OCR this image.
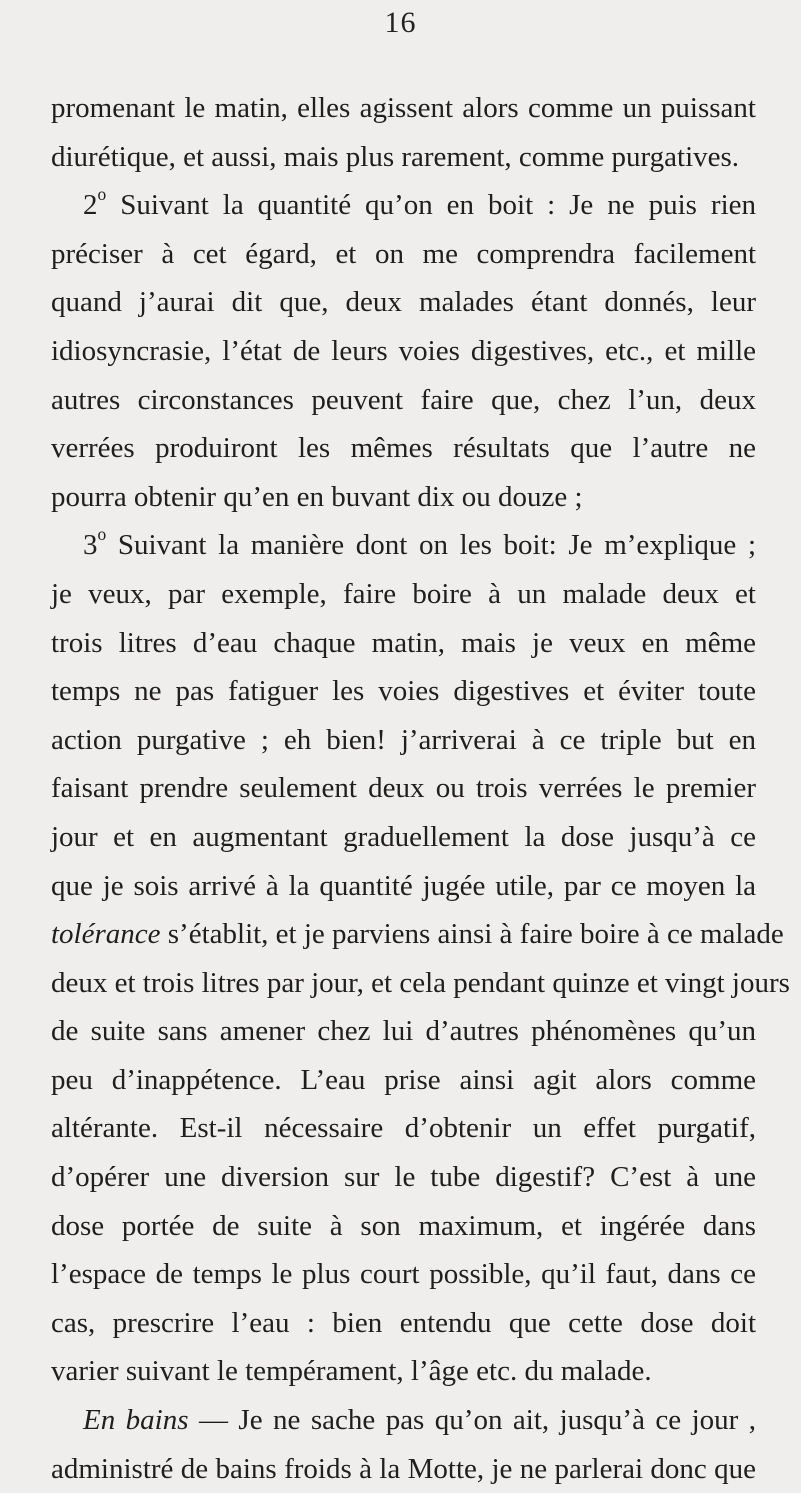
16
promenant le matin, elles agissent alors comme un puissant
diurétique, et aussi, mais plus rarement, comme purgatives.
2$^o$ Suivant la quantité qu’on en boit : Je ne puis rien
préciser à cet égard, et on me comprendra facilement
quand j’aurai dit que, deux malades étant donnés, leur
idiosyncrasie, l’état de leurs voies digestives, etc., et mille
autres circonstances peuvent faire que, chez l’un, deux
verrées produiront les mêmes résultats que l’autre ne
pourra obtenir qu’en en buvant dix ou douze ;
3$^o$ Suivant la manière dont on les boit: Je m’explique ;
je veux, par exemple, faire boire à un malade deux et
trois litres d’eau chaque matin, mais je veux en même
temps ne pas fatiguer les voies digestives et éviter toute
action purgative ; eh bien! j’arriverai à ce triple but en
faisant prendre seulement deux ou trois verrées le premier
jour et en augmentant graduellement la dose jusqu’à ce
que je sois arrivé à la quantité jugée utile, par ce moyen la
tolérance s’établit, et je parviens ainsi à faire boire à ce malade
deux et trois litres par jour, et cela pendant quinze et vingt jours
de suite sans amener chez lui d’autres phénomènes qu’un
peu d’inappétence. L’eau prise ainsi agit alors comme
altérante. Est-il nécessaire d’obtenir un effet purgatif,
d’opérer une diversion sur le tube digestif? C’est à une
dose portée de suite à son maximum, et ingérée dans
l’espace de temps le plus court possible, qu’il faut, dans ce
cas, prescrire l’eau : bien entendu que cette dose doit
varier suivant le tempérament, l’âge etc. du malade.
En bains — Je ne sache pas qu’on ait, jusqu’à ce jour ,
administré de bains froids à la Motte, je ne parlerai donc que
